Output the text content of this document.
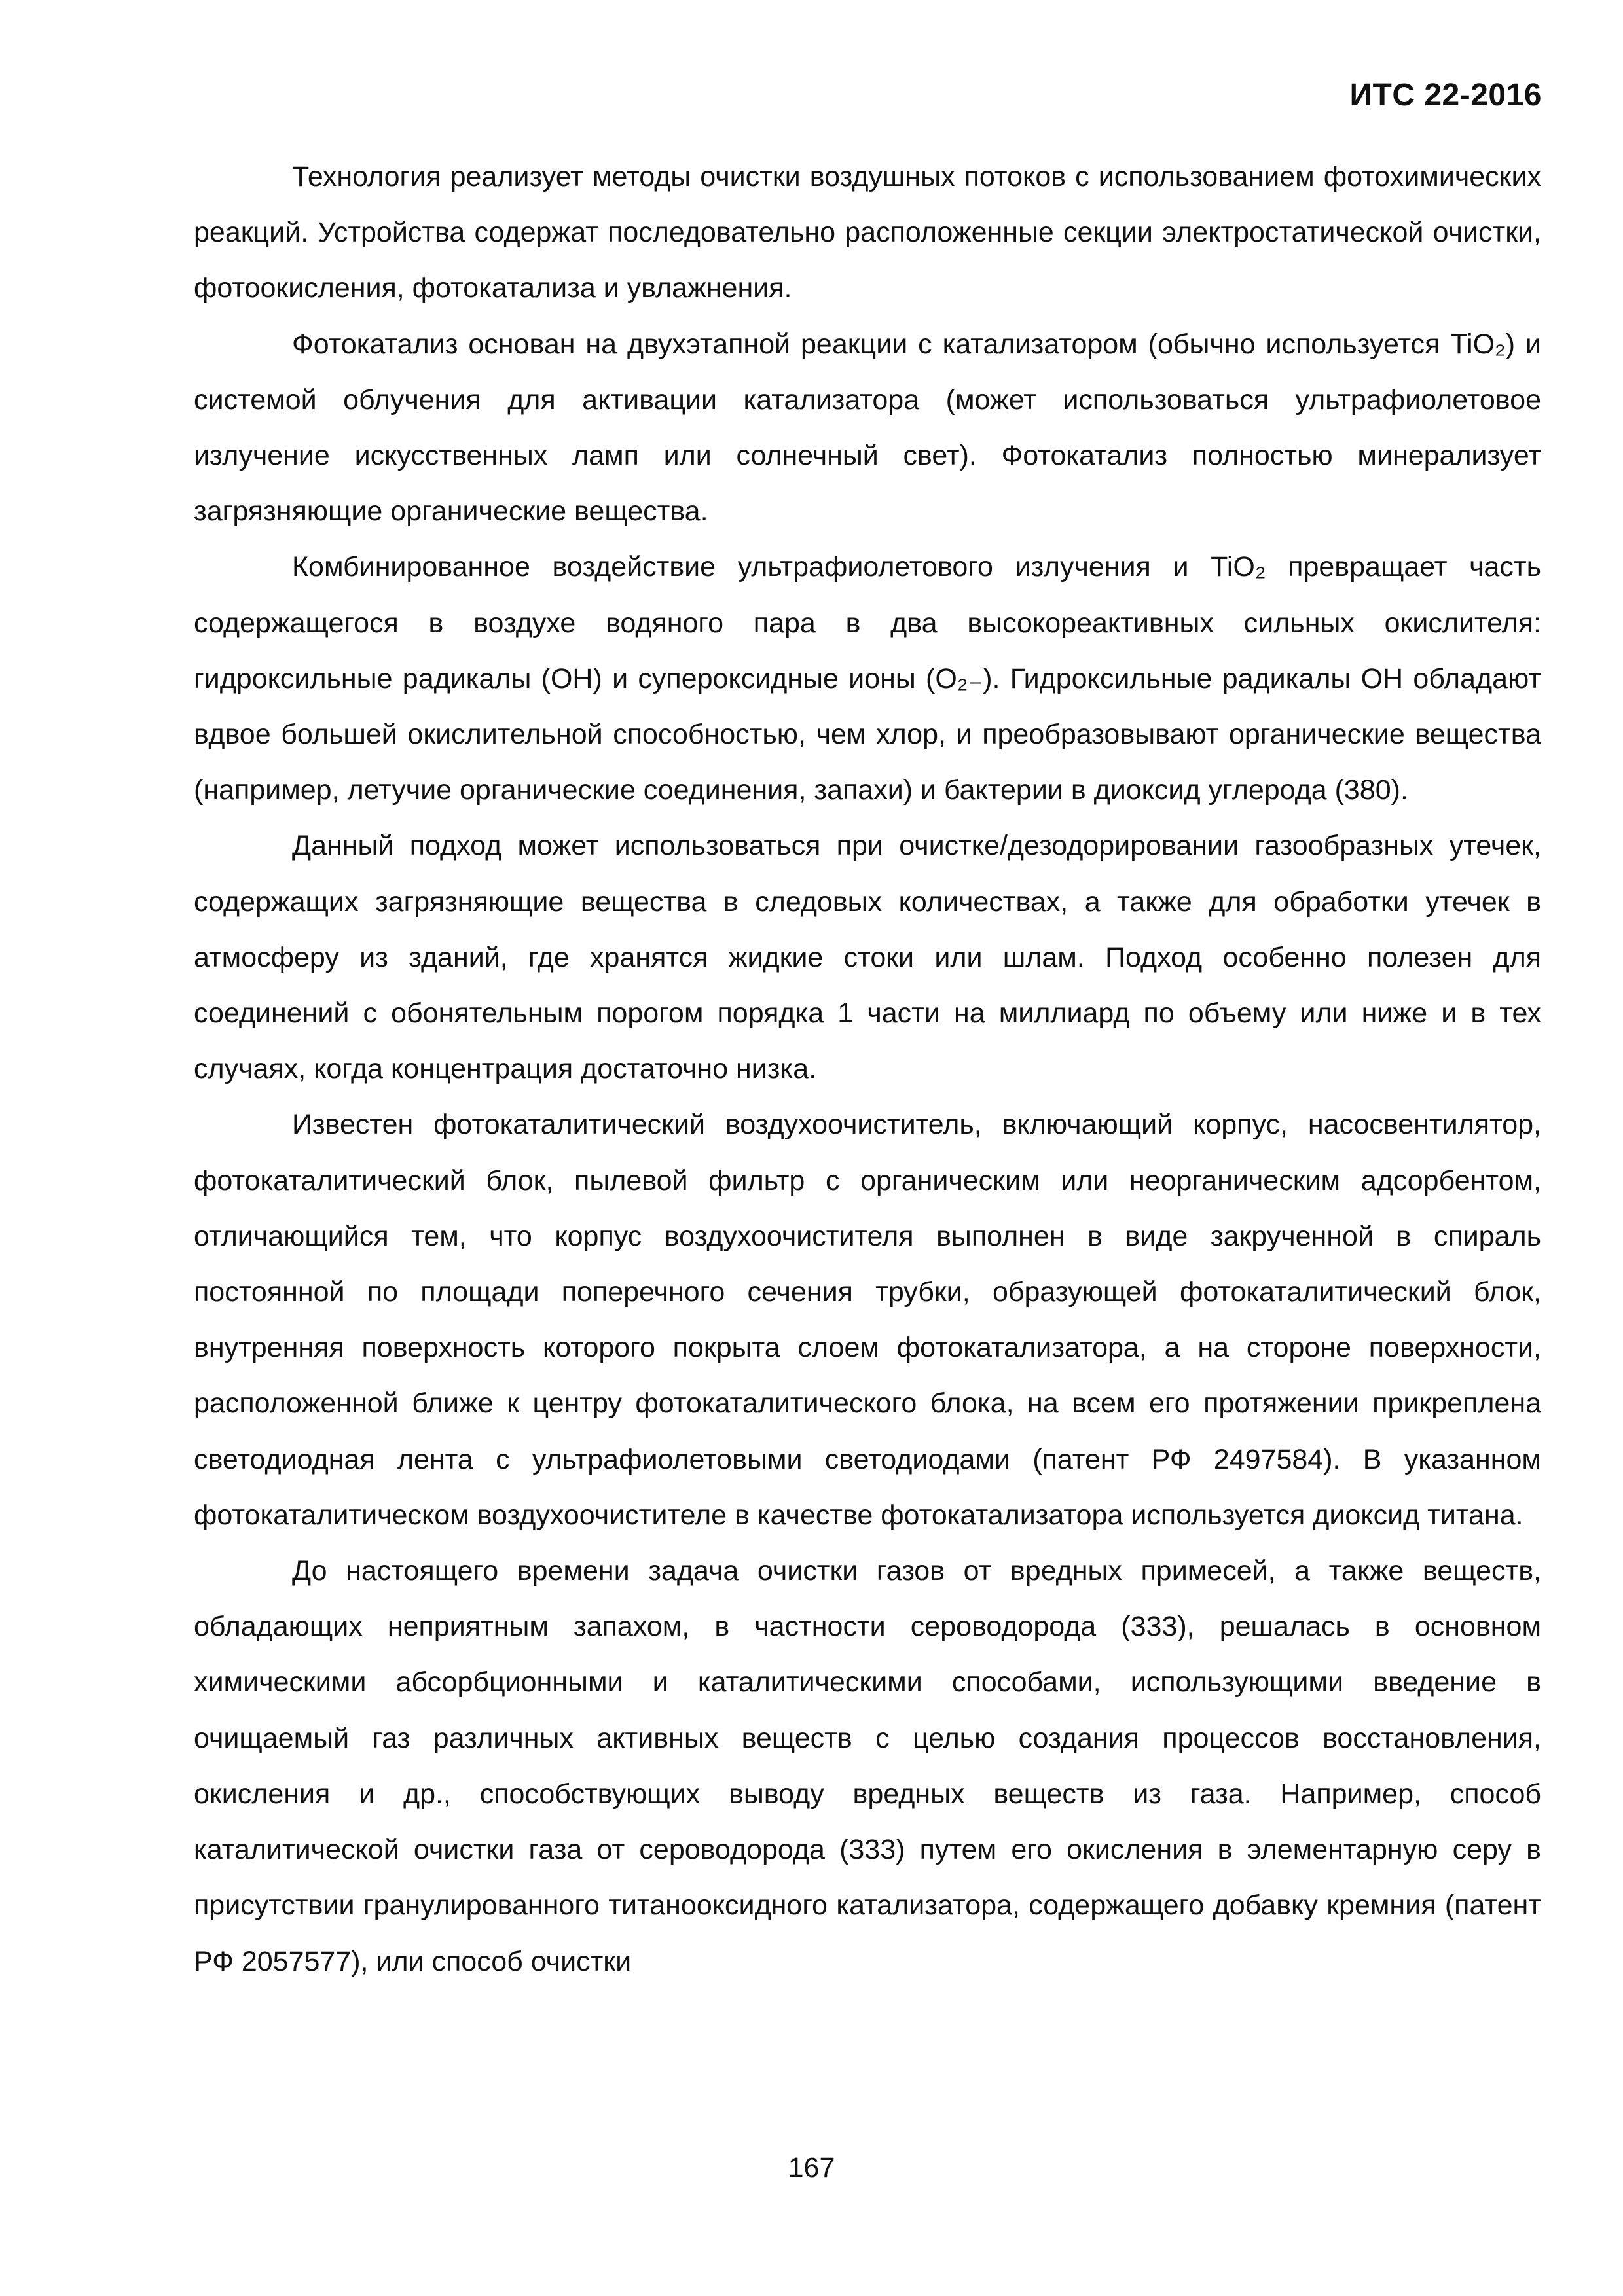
ИТС 22-2016

Технология реализует методы очистки воздушных потоков с использованием фотохимических реакций. Устройства содержат последовательно расположенные секции электростатической очистки, фотоокисления, фотокатализа и увлажнения.

Фотокатализ основан на двухэтапной реакции с катализатором (обычно используется TiO₂) и системой облучения для активации катализатора (может использоваться ультрафиолетовое излучение искусственных ламп или солнечный свет). Фотокатализ полностью минерализует загрязняющие органические вещества.

Комбинированное воздействие ультрафиолетового излучения и TiO₂ превращает часть содержащегося в воздухе водяного пара в два высокореактивных сильных окислителя: гидроксильные радикалы (OH) и супероксидные ионы (O₂₋). Гидроксильные радикалы OH обладают вдвое большей окислительной способностью, чем хлор, и преобразовывают органические вещества (например, летучие органические соединения, запахи) и бактерии в диоксид углерода (380).

Данный подход может использоваться при очистке/дезодорировании газообразных утечек, содержащих загрязняющие вещества в следовых количествах, а также для обработки утечек в атмосферу из зданий, где хранятся жидкие стоки или шлам. Подход особенно полезен для соединений с обонятельным порогом порядка 1 части на миллиард по объему или ниже и в тех случаях, когда концентрация достаточно низка.

Известен фотокаталитический воздухоочиститель, включающий корпус, насосвентилятор, фотокаталитический блок, пылевой фильтр с органическим или неорганическим адсорбентом, отличающийся тем, что корпус воздухоочистителя выполнен в виде закрученной в спираль постоянной по площади поперечного сечения трубки, образующей фотокаталитический блок, внутренняя поверхность которого покрыта слоем фотокатализатора, а на стороне поверхности, расположенной ближе к центру фотокаталитического блока, на всем его протяжении прикреплена светодиодная лента с ультрафиолетовыми светодиодами (патент РФ 2497584). В указанном фотокаталитическом воздухоочистителе в качестве фотокатализатора используется диоксид титана.

До настоящего времени задача очистки газов от вредных примесей, а также веществ, обладающих неприятным запахом, в частности сероводорода (333), решалась в основном химическими абсорбционными и каталитическими способами, использующими введение в очищаемый газ различных активных веществ с целью создания процессов восстановления, окисления и др., способствующих выводу вредных веществ из газа. Например, способ каталитической очистки газа от сероводорода (333) путем его окисления в элементарную серу в присутствии гранулированного титанооксидного катализатора, содержащего добавку кремния (патент РФ 2057577), или способ очистки

167
